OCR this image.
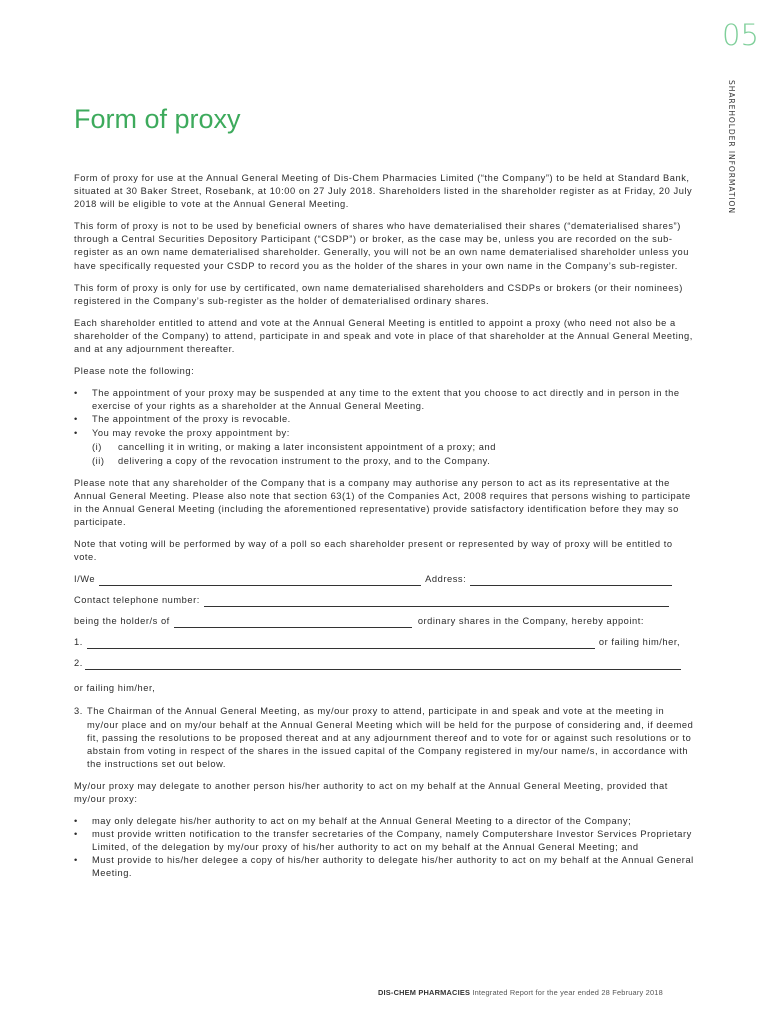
05
SHAREHOLDER INFORMATION
Form of proxy

Form of proxy for use at the Annual General Meeting of Dis-Chem Pharmacies Limited (“the Company”) to be held at Standard Bank, situated at 30 Baker Street, Rosebank, at 10:00 on 27 July 2018. Shareholders listed in the shareholder register as at Friday, 20 July 2018 will be eligible to vote at the Annual General Meeting.

This form of proxy is not to be used by beneficial owners of shares who have dematerialised their shares (“dematerialised shares”) through a Central Securities Depository Participant (“CSDP”) or broker, as the case may be, unless you are recorded on the sub-register as an own name dematerialised shareholder. Generally, you will not be an own name dematerialised shareholder unless you have specifically requested your CSDP to record you as the holder of the shares in your own name in the Company’s sub-register.

This form of proxy is only for use by certificated, own name dematerialised shareholders and CSDPs or brokers (or their nominees) registered in the Company’s sub-register as the holder of dematerialised ordinary shares.

Each shareholder entitled to attend and vote at the Annual General Meeting is entitled to appoint a proxy (who need not also be a shareholder of the Company) to attend, participate in and speak and vote in place of that shareholder at the Annual General Meeting, and at any adjournment thereafter.

Please note the following:

• The appointment of your proxy may be suspended at any time to the extent that you choose to act directly and in person in the exercise of your rights as a shareholder at the Annual General Meeting.
• The appointment of the proxy is revocable.
• You may revoke the proxy appointment by:
(i)	cancelling it in writing, or making a later inconsistent appointment of a proxy; and
(ii)	delivering a copy of the revocation instrument to the proxy, and to the Company.

Please note that any shareholder of the Company that is a company may authorise any person to act as its representative at the Annual General Meeting. Please also note that section 63(1) of the Companies Act, 2008 requires that persons wishing to participate in the Annual General Meeting (including the aforementioned representative) provide satisfactory identification before they may so participate.

Note that voting will be performed by way of a poll so each shareholder present or represented by way of proxy will be entitled to vote.

I/We	Address:
Contact telephone number:
being the holder/s of	ordinary shares in the Company, hereby appoint:
1.	or failing him/her,
2.

or failing him/her,

3. The Chairman of the Annual General Meeting, as my/our proxy to attend, participate in and speak and vote at the meeting in my/our place and on my/our behalf at the Annual General Meeting which will be held for the purpose of considering and, if deemed fit, passing the resolutions to be proposed thereat and at any adjournment thereof and to vote for or against such resolutions or to abstain from voting in respect of the shares in the issued capital of the Company registered in my/our name/s, in accordance with the instructions set out below.

My/our proxy may delegate to another person his/her authority to act on my behalf at the Annual General Meeting, provided that my/our proxy:

• may only delegate his/her authority to act on my behalf at the Annual General Meeting to a director of the Company;
• must provide written notification to the transfer secretaries of the Company, namely Computershare Investor Services Proprietary Limited, of the delegation by my/our proxy of his/her authority to act on my behalf at the Annual General Meeting; and
• Must provide to his/her delegee a copy of his/her authority to delegate his/her authority to act on my behalf at the Annual General Meeting.
DIS-CHEM PHARMACIES Integrated Report for the year ended 28 February 2018
